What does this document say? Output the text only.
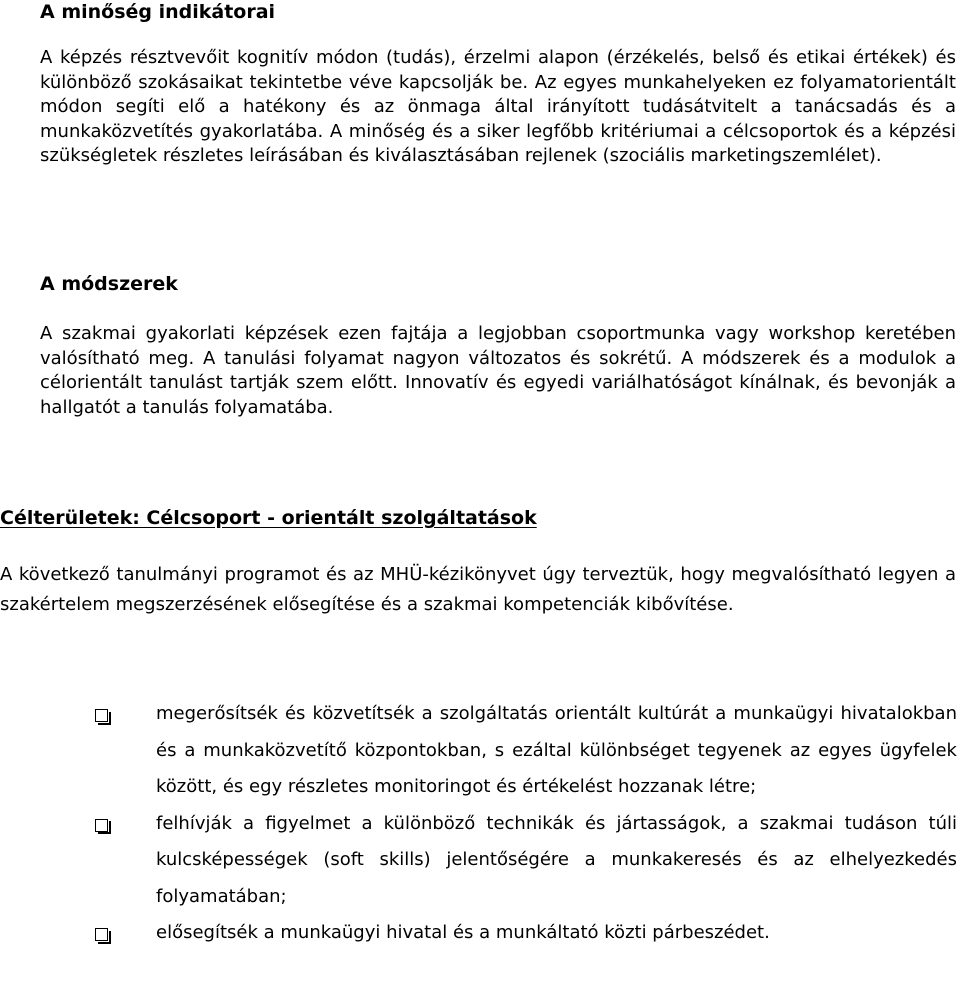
A minőség indikátorai

A képzés résztvevőit kognitív módon (tudás), érzelmi alapon (érzékelés, belső és etikai értékek) és különböző szokásaikat tekintetbe véve kapcsolják be. Az egyes munkahelyeken ez folyamatorientált módon segíti elő a hatékony és az önmaga által irányított tudásátvitelt a tanácsadás és a munkaközvetítés gyakorlatába. A minőség és a siker legfőbb kritériumai a célcsoportok és a képzési szükségletek részletes leírásában és kiválasztásában rejlenek (szociális marketingszemlélet).

A módszerek

A szakmai gyakorlati képzések ezen fajtája a legjobban csoportmunka vagy workshop keretében valósítható meg. A tanulási folyamat nagyon változatos és sokrétű. A módszerek és a modulok a célorientált tanulást tartják szem előtt. Innovatív és egyedi variálhatóságot kínálnak, és bevonják a hallgatót a tanulás folyamatába.

Célterületek: Célcsoport - orientált szolgáltatások

A következő tanulmányi programot és az MHÜ-kézikönyvet úgy terveztük, hogy megvalósítható legyen a szakértelem megszerzésének elősegítése és a szakmai kompetenciák kibővítése.

megerősítsék és közvetítsék a szolgáltatás orientált kultúrát a munkaügyi hivatalokban és a munkaközvetítő központokban, s ezáltal különbséget tegyenek az egyes ügyfelek között, és egy részletes monitoringot és értékelést hozzanak létre;
felhívják a figyelmet a különböző technikák és jártasságok, a szakmai tudáson túli kulcsképességek (soft skills) jelentőségére a munkakeresés és az elhelyezkedés folyamatában;
elősegítsék a munkaügyi hivatal és a munkáltató közti párbeszédet.
